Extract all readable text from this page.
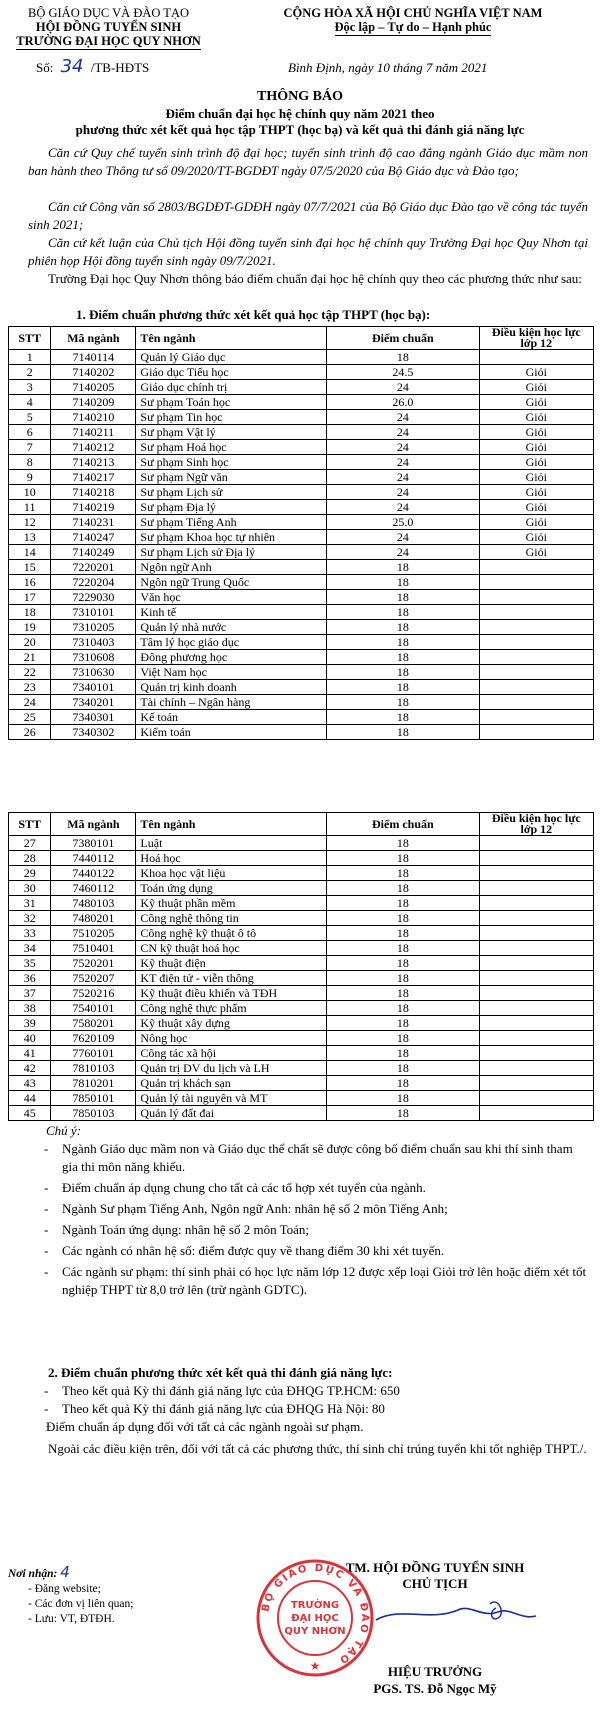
BỘ GIÁO DỤC VÀ ĐÀO TẠO
HỘI ĐỒNG TUYỂN SINH
TRƯỜNG ĐẠI HỌC QUY NHƠN
Số: 34 /TB-HĐTS
CỘNG HÒA XÃ HỘI CHỦ NGHĨA VIỆT NAM
Độc lập – Tự do – Hạnh phúc
Bình Định, ngày 10 tháng 7 năm 2021
THÔNG BÁO
Điểm chuẩn đại học hệ chính quy năm 2021 theo
phương thức xét kết quả học tập THPT (học bạ) và kết quả thi đánh giá năng lực
Căn cứ Quy chế tuyển sinh trình độ đại học; tuyển sinh trình độ cao đẳng ngành Giáo dục mầm non ban hành theo Thông tư số 09/2020/TT-BGDĐT ngày 07/5/2020 của Bộ Giáo dục và Đào tạo;
Căn cứ Công văn số 2803/BGDĐT-GDĐH ngày 07/7/2021 của Bộ Giáo dục Đào tạo về công tác tuyển sinh 2021;
Căn cứ kết luận của Chủ tịch Hội đồng tuyển sinh đại học hệ chính quy Trường Đại học Quy Nhơn tại phiên họp Hội đồng tuyển sinh ngày 09/7/2021.
Trường Đại học Quy Nhơn thông báo điểm chuẩn đại học hệ chính quy theo các phương thức như sau:
1. Điểm chuẩn phương thức xét kết quả học tập THPT (học bạ):
STT	Mã ngành	Tên ngành	Điểm chuẩn	Điều kiện học lực lớp 12
1	7140114	Quản lý Giáo dục	18	
2	7140202	Giáo dục Tiểu học	24.5	Giỏi
3	7140205	Giáo dục chính trị	24	Giỏi
4	7140209	Sư phạm Toán học	26.0	Giỏi
5	7140210	Sư phạm Tin học	24	Giỏi
6	7140211	Sư phạm Vật lý	24	Giỏi
7	7140212	Sư phạm Hoá học	24	Giỏi
8	7140213	Sư phạm Sinh học	24	Giỏi
9	7140217	Sư phạm Ngữ văn	24	Giỏi
10	7140218	Sư phạm Lịch sử	24	Giỏi
11	7140219	Sư phạm Địa lý	24	Giỏi
12	7140231	Sư phạm Tiếng Anh	25.0	Giỏi
13	7140247	Sư phạm Khoa học tự nhiên	24	Giỏi
14	7140249	Sư phạm Lịch sử Địa lý	24	Giỏi
15	7220201	Ngôn ngữ Anh	18	
16	7220204	Ngôn ngữ Trung Quốc	18	
17	7229030	Văn học	18	
18	7310101	Kinh tế	18	
19	7310205	Quản lý nhà nước	18	
20	7310403	Tâm lý học giáo dục	18	
21	7310608	Đông phương học	18	
22	7310630	Việt Nam học	18	
23	7340101	Quản trị kinh doanh	18	
24	7340201	Tài chính – Ngân hàng	18	
25	7340301	Kế toán	18	
26	7340302	Kiểm toán	18	
STT	Mã ngành	Tên ngành	Điểm chuẩn	Điều kiện học lực lớp 12
27	7380101	Luật	18	
28	7440112	Hoá học	18	
29	7440122	Khoa học vật liệu	18	
30	7460112	Toán ứng dụng	18	
31	7480103	Kỹ thuật phần mềm	18	
32	7480201	Công nghệ thông tin	18	
33	7510205	Công nghệ kỹ thuật ô tô	18	
34	7510401	CN kỹ thuật hoá học	18	
35	7520201	Kỹ thuật điện	18	
36	7520207	KT điện tử - viễn thông	18	
37	7520216	Kỹ thuật điều khiển và TĐH	18	
38	7540101	Công nghệ thực phẩm	18	
39	7580201	Kỹ thuật xây dựng	18	
40	7620109	Nông học	18	
41	7760101	Công tác xã hội	18	
42	7810103	Quản trị DV du lịch và LH	18	
43	7810201	Quản trị khách sạn	18	
44	7850101	Quản lý tài nguyên và MT	18	
45	7850103	Quản lý đất đai	18	
Chú ý:
- Ngành Giáo dục mầm non và Giáo dục thể chất sẽ được công bố điểm chuẩn sau khi thí sinh tham gia thi môn năng khiếu.
- Điểm chuẩn áp dụng chung cho tất cả các tổ hợp xét tuyển của ngành.
- Ngành Sư phạm Tiếng Anh, Ngôn ngữ Anh: nhân hệ số 2 môn Tiếng Anh;
- Ngành Toán ứng dụng: nhân hệ số 2 môn Toán;
- Các ngành có nhân hệ số: điểm được quy về thang điểm 30 khi xét tuyển.
- Các ngành sư phạm: thí sinh phải có học lực năm lớp 12 được xếp loại Giỏi trở lên hoặc điểm xét tốt nghiệp THPT từ 8,0 trở lên (trừ ngành GDTC).
2. Điểm chuẩn phương thức xét kết quả thi đánh giá năng lực:
- Theo kết quả Kỳ thi đánh giá năng lực của ĐHQG TP.HCM: 650
- Theo kết quả Kỳ thi đánh giá năng lực của ĐHQG Hà Nội: 80
Điểm chuẩn áp dụng đối với tất cả các ngành ngoài sư phạm.
Ngoài các điều kiện trên, đối với tất cả các phương thức, thí sinh chỉ trúng tuyển khi tốt nghiệp THPT./.
Nơi nhận: 4
- Đăng website;
- Các đơn vị liên quan;
- Lưu: VT, ĐTĐH.
TM. HỘI ĐỒNG TUYỂN SINH
CHỦ TỊCH
BỘ GIÁO DỤC VÀ ĐÀO TẠO
TRƯỜNG
ĐẠI HỌC
QUY NHƠN
★	HIỆU TRƯỞNG
PGS. TS. Đỗ Ngọc Mỹ
